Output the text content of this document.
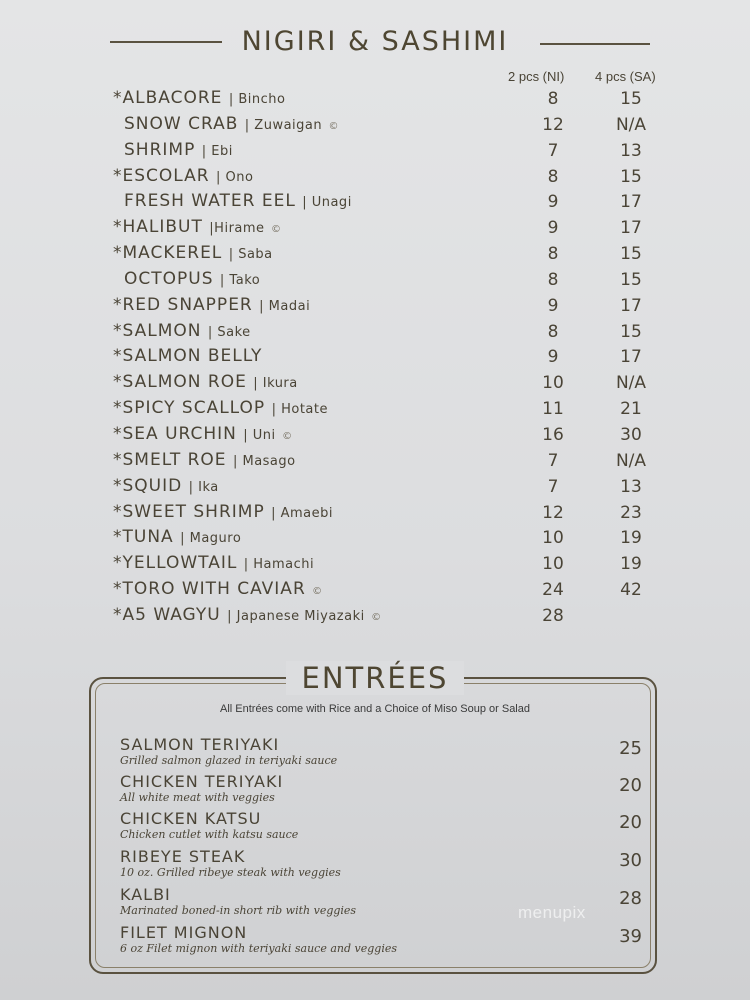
NIGIRI & SASHIMI
2 pcs (NI) 4 pcs (SA)
*ALBACORE | Bincho	8	15
SNOW CRAB | Zuwaigan ©	12	N/A
SHRIMP | Ebi	7	13
*ESCOLAR | Ono	8	15
FRESH WATER EEL | Unagi	9	17
*HALIBUT |Hirame ©	9	17
*MACKEREL | Saba	8	15
OCTOPUS | Tako	8	15
*RED SNAPPER | Madai	9	17
*SALMON | Sake	8	15
*SALMON BELLY	9	17
*SALMON ROE | Ikura	10	N/A
*SPICY SCALLOP | Hotate	11	21
*SEA URCHIN | Uni ©	16	30
*SMELT ROE | Masago	7	N/A
*SQUID | Ika	7	13
*SWEET SHRIMP | Amaebi	12	23
*TUNA | Maguro	10	19
*YELLOWTAIL | Hamachi	10	19
*TORO WITH CAVIAR ©	24	42
*A5 WAGYU | Japanese Miyazaki ©	28
ENTRÉES
All Entrées come with Rice and a Choice of Miso Soup or Salad
SALMON TERIYAKI
Grilled salmon glazed in teriyaki sauce
25
CHICKEN TERIYAKI
All white meat with veggies
20
CHICKEN KATSU
Chicken cutlet with katsu sauce
20
RIBEYE STEAK
10 oz. Grilled ribeye steak with veggies
30
KALBI
Marinated boned-in short rib with veggies
28
FILET MIGNON
6 oz Filet mignon with teriyaki sauce and veggies
39
menupix
